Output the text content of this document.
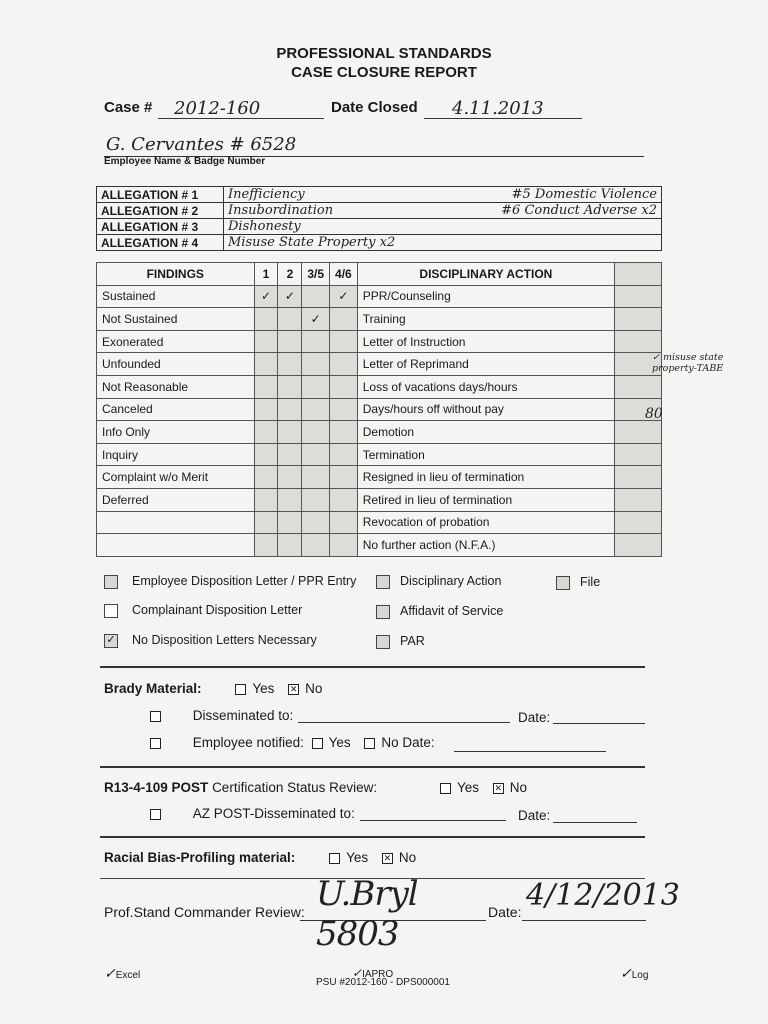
PROFESSIONAL STANDARDS
CASE CLOSURE REPORT
Case # 2012-160	Date Closed 4.11.2013
G. Cervantes # 6528
Employee Name & Badge Number
ALLEGATION # 1	Inefficiency #5 Domestic Violence

ALLEGATION # 2	Insubordination #6 Conduct Adverse x2

ALLEGATION # 3	Dishonesty
ALLEGATION # 4	Misuse State Property x2
FINDINGS	1	2	3/5	4/6	DISCIPLINARY ACTION	
Sustained	✓	✓		✓	PPR/Counseling	
Not Sustained			✓		Training	
Exonerated					Letter of Instruction	
Unfounded					Letter of Reprimand	
Not Reasonable					Loss of vacations days/hours	
Canceled					Days/hours off without pay	
Info Only					Demotion	
Inquiry					Termination	
Complaint w/o Merit					Resigned in lieu of termination	
Deferred					Retired in lieu of termination	
					Revocation of probation	
					No further action (N.F.A.)	
✓ misuse state property-TABE
80
Employee Disposition Letter / PPR Entry
Complainant Disposition Letter
✓ No Disposition Letters Necessary
Disciplinary Action
Affidavit of Service
PAR
File
Brady Material:	Yes ✕ No
Disseminated to:	Date:
Employee notified: Yes No Date:
R13-4-109 POST Certification Status Review:	Yes ✕ No
AZ POST-Disseminated to:	Date:
Racial Bias-Profiling material:	Yes ✕ No
Prof.Stand Commander Review: U.Bryl 5803
Date: 4/12/2013
✓Excel	✓IAPRO
PSU #2012-160 - DPS000001
✓Log
